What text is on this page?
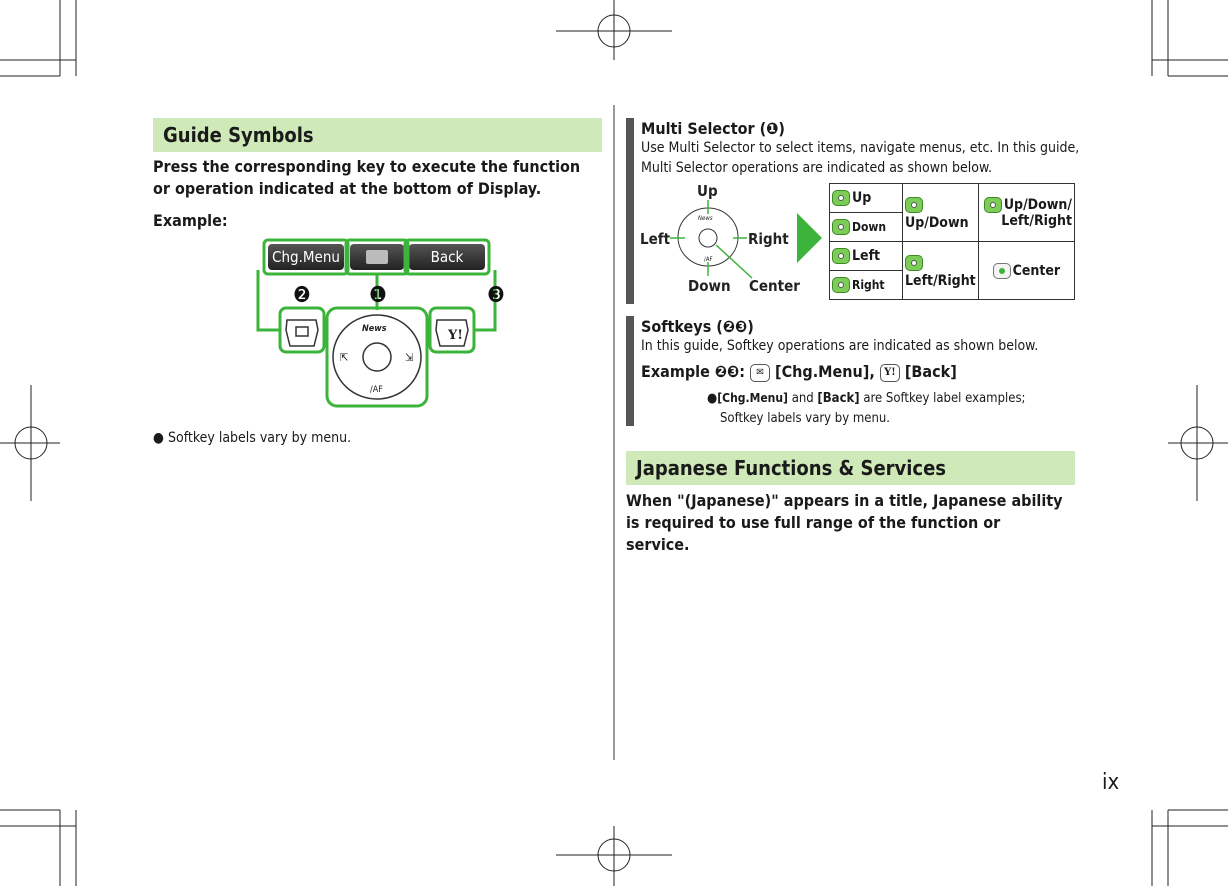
Guide Symbols
Press the corresponding key to execute the function or operation indicated at the bottom of Display.
Example:
Chg.Menu	Back
Y!
❷	❶	❸
News
/AF
⇱	⇲
● Softkey labels vary by menu.
Multi Selector (❶)
Use Multi Selector to select items, navigate menus, etc. In this guide,
Multi Selector operations are indicated as shown below.
News
/AF
Up
Left	Right
Down Center
Up	Up/Down	Up/Down/
Left/Right

Down		

Left	Left/Right	Center

Right		
Softkeys (❷❸)
In this guide, Softkey operations are indicated as shown below.
Example ❷❸: ✉ [Chg.Menu], Y! [Back]
●[Chg.Menu] and [Back] are Softkey label examples;
Softkey labels vary by menu.
Japanese Functions & Services
When "(Japanese)" appears in a title, Japanese ability is required to use full range of the function or service.
ix
